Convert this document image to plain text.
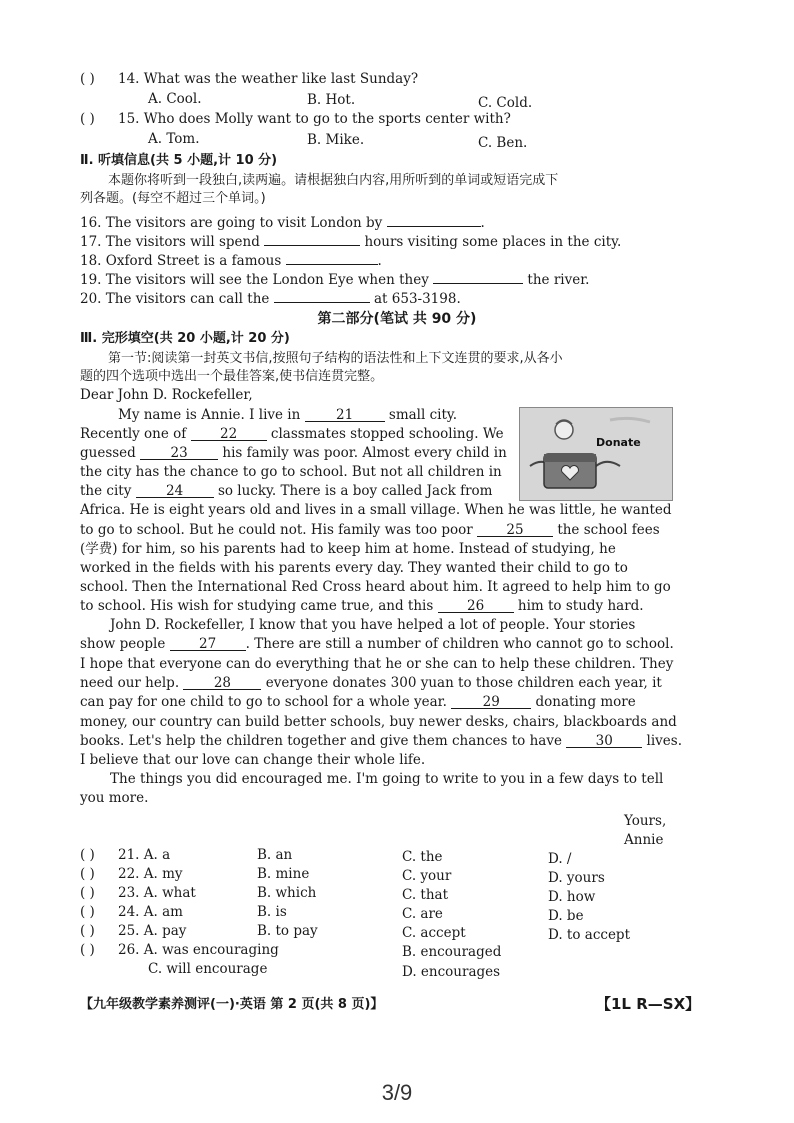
( ) 14. What was the weather like last Sunday?
A. Cool.	B. Hot.	C. Cold.
( ) 15. Who does Molly want to go to the sports center with?
A. Tom.	B. Mike.	C. Ben.
Ⅱ. 听填信息(共 5 小题,计 10 分)
本题你将听到一段独白,读两遍。请根据独白内容,用所听到的单词或短语完成下
列各题。(每空不超过三个单词。)
16. The visitors are going to visit London by	.
17. The visitors will spend	hours visiting some places in the city.
18. Oxford Street is a famous	.
19. The visitors will see the London Eye when they	the river.
20. The visitors can call the	at 653-3198.
第二部分(笔试 共 90 分)
Ⅲ. 完形填空(共 20 小题,计 20 分)
第一节:阅读第一封英文书信,按照句子结构的语法性和上下文连贯的要求,从各小
题的四个选项中选出一个最佳答案,使书信连贯完整。
Dear John D. Rockefeller,
My name is Annie. I live in	21	small city.
Recently one of 22 classmates stopped schooling. We
guessed	23	his family was poor. Almost every child in
the city has the chance to go to school. But not all children in
the city	24	so lucky. There is a boy called Jack from
Donate
Africa. He is eight years old and lives in a small village. When he was little, he wanted
to go to school. But he could not. His family was too poor 25 the school fees
(学费) for him, so his parents had to keep him at home. Instead of studying, he
worked in the fields with his parents every day. They wanted their child to go to
school. Then the International Red Cross heard about him. It agreed to help him to go
to school. His wish for studying came true, and this 26 him to study hard.
John D. Rockefeller, I know that you have helped a lot of people. Your stories
show people 27 . There are still a number of children who cannot go to school.
I hope that everyone can do everything that he or she can to help these children. They
need our help.	28	everyone donates 300 yuan to those children each year, it
can pay for one child to go to school for a whole year.	29	donating more
money, our country can build better schools, buy newer desks, chairs, blackboards and
books. Let's help the children together and give them chances to have 30 lives.
I believe that our love can change their whole life.
The things you did encouraged me. I'm going to write to you in a few days to tell
you more.
Yours,
Annie
( ) 21. A. a	B. an	C. the	D. /
( ) 22. A. my	B. mine	C. your	D. yours
( ) 23. A. what	B. which	C. that	D. how
( ) 24. A. am	B. is	C. are	D. be
( ) 25. A. pay	B. to pay	C. accept	D. to accept
( ) 26. A. was encouraging	B. encouraged
C. will encourage	D. encourages
【九年级教学素养测评(一)·英语 第 2 页(共 8 页)】	【1L R—SX】
3/9
